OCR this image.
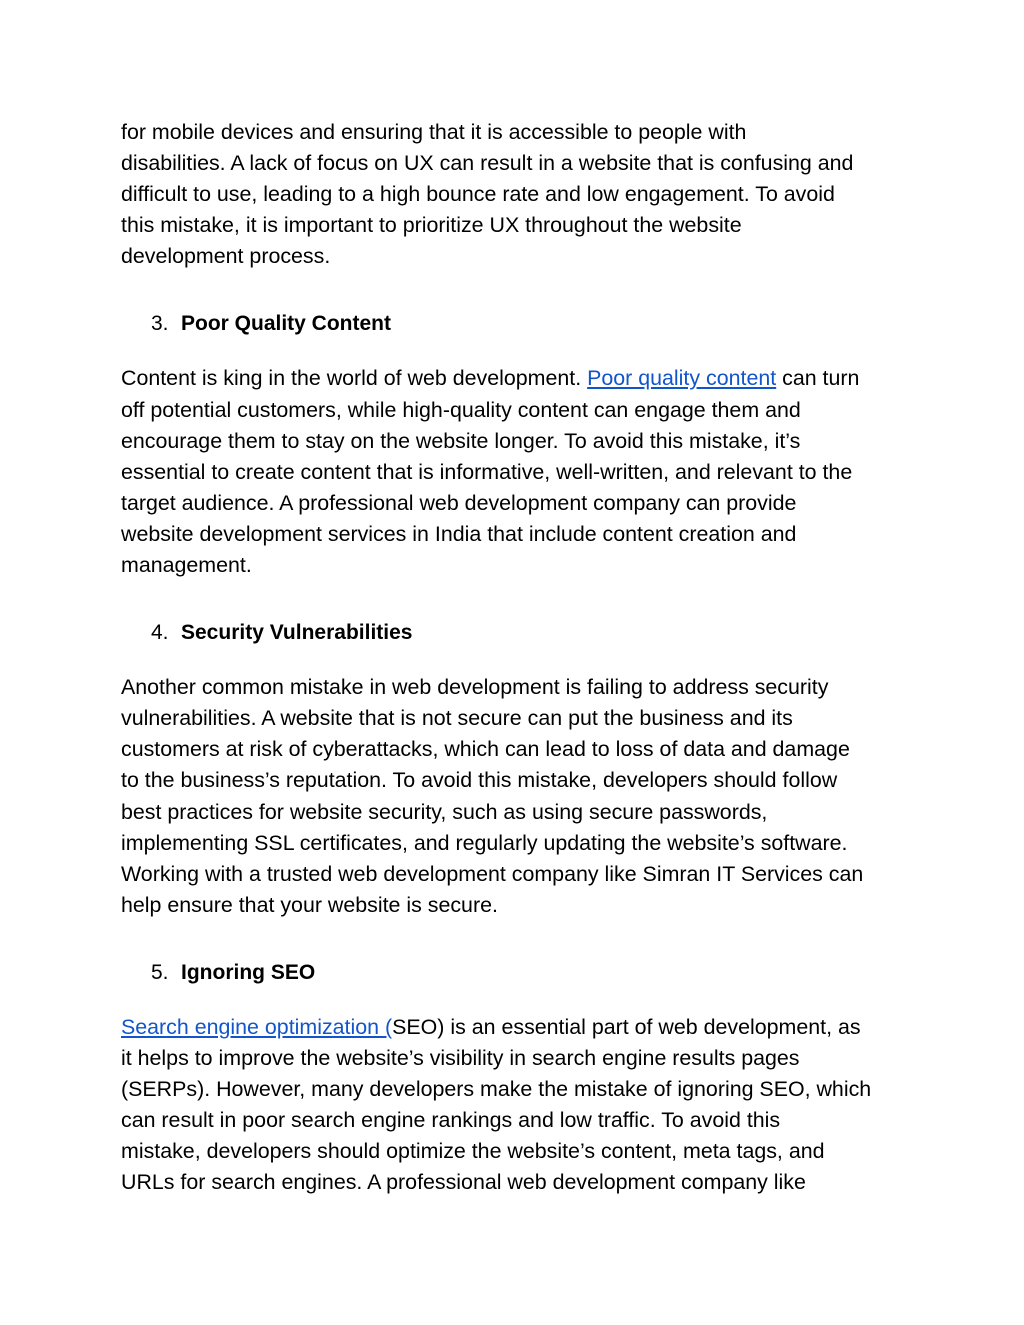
for mobile devices and ensuring that it is accessible to people with
disabilities. A lack of focus on UX can result in a website that is confusing and
difficult to use, leading to a high bounce rate and low engagement. To avoid
this mistake, it is important to prioritize UX throughout the website
development process.

3. Poor Quality Content

Content is king in the world of web development. Poor quality content can turn
off potential customers, while high-quality content can engage them and
encourage them to stay on the website longer. To avoid this mistake, it’s
essential to create content that is informative, well-written, and relevant to the
target audience. A professional web development company can provide
website development services in India that include content creation and
management.

4. Security Vulnerabilities

Another common mistake in web development is failing to address security
vulnerabilities. A website that is not secure can put the business and its
customers at risk of cyberattacks, which can lead to loss of data and damage
to the business’s reputation. To avoid this mistake, developers should follow
best practices for website security, such as using secure passwords,
implementing SSL certificates, and regularly updating the website’s software.
Working with a trusted web development company like Simran IT Services can
help ensure that your website is secure.

5. Ignoring SEO

Search engine optimization (SEO) is an essential part of web development, as
it helps to improve the website’s visibility in search engine results pages
(SERPs). However, many developers make the mistake of ignoring SEO, which
can result in poor search engine rankings and low traffic. To avoid this
mistake, developers should optimize the website’s content, meta tags, and
URLs for search engines. A professional web development company like
